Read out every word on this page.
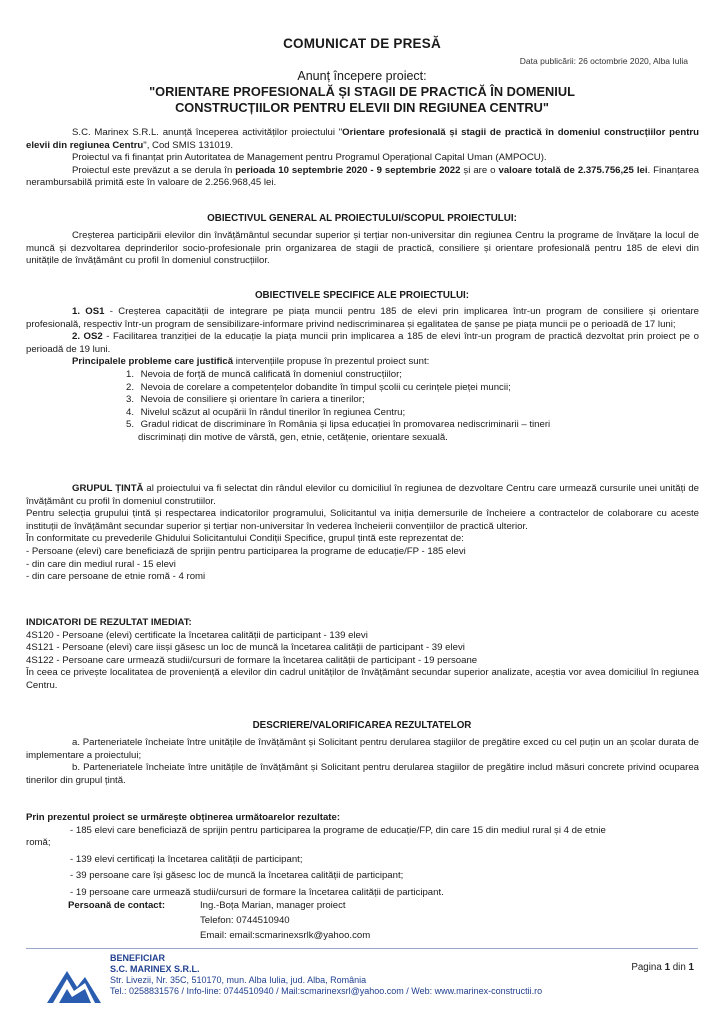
COMUNICAT DE PRESĂ
Data publicării: 26 octombrie 2020, Alba Iulia
Anunț începere proiect:
"ORIENTARE PROFESIONALĂ ȘI STAGII DE PRACTICĂ ÎN DOMENIUL
CONSTRUCȚIILOR PENTRU ELEVII DIN REGIUNEA CENTRU"

S.C. Marinex S.R.L. anunță începerea activităților proiectului "Orientare profesională și stagii de practică în domeniul construcțiilor pentru elevii din regiunea Centru", Cod SMIS 131019.

Proiectul va fi finanțat prin Autoritatea de Management pentru Programul Operațional Capital Uman (AMPOCU).

Proiectul este prevăzut a se derula în perioada 10 septembrie 2020 - 9 septembrie 2022 și are o valoare totală de 2.375.756,25 lei. Finanțarea nerambursabilă primită este în valoare de 2.256.968,45 lei.

OBIECTIVUL GENERAL AL PROIECTULUI/SCOPUL PROIECTULUI:

Creșterea participării elevilor din învățământul secundar superior și terțiar non-universitar din regiunea Centru la programe de învățare la locul de muncă și dezvoltarea deprinderilor socio-profesionale prin organizarea de stagii de practică, consiliere și orientare profesională pentru 185 de elevi din unitățile de învățământ cu profil în domeniul construcțiilor.

OBIECTIVELE SPECIFICE ALE PROIECTULUI:

1. OS1 - Creșterea capacității de integrare pe piața muncii pentru 185 de elevi prin implicarea într-un program de consiliere și orientare profesională, respectiv într-un program de sensibilizare-informare privind nediscriminarea și egalitatea de șanse pe piața muncii pe o perioadă de 17 luni;

2. OS2 - Facilitarea tranziției de la educație la piața muncii prin implicarea a 185 de elevi într-un program de practică dezvoltat prin proiect pe o perioadă de 19 luni.

Principalele probleme care justifică intervențiile propuse în prezentul proiect sunt:

1. Nevoia de forță de muncă calificată în domeniul construcțiilor;
2. Nevoia de corelare a competențelor dobandite în timpul școlii cu cerințele pieței muncii;
3. Nevoia de consiliere și orientare în cariera a tinerilor;
4. Nivelul scăzut al ocupării în rândul tinerilor în regiunea Centru;
5. Gradul ridicat de discriminare în România și lipsa educației în promovarea nediscriminarii – tineri
discriminați din motive de vârstă, gen, etnie, cetățenie, orientare sexuală.

GRUPUL ȚINTĂ al proiectului va fi selectat din rândul elevilor cu domiciliul în regiunea de dezvoltare Centru care urmează cursurile unei unități de învățământ cu profil în domeniul construtiilor.

Pentru selecția grupului țintă și respectarea indicatorilor programului, Solicitantul va iniția demersurile de încheiere a contractelor de colaborare cu aceste instituții de învățământ secundar superior și terțiar non-universitar în vederea încheierii convențiilor de practică ulterior.

În conformitate cu prevederile Ghidului Solicitantului Condiții Specifice, grupul țintă este reprezentat de:

- Persoane (elevi) care beneficiază de sprijin pentru participarea la programe de educație/FP - 185 elevi

- din care din mediul rural - 15 elevi

- din care persoane de etnie romă - 4 romi

INDICATORI DE REZULTAT IMEDIAT:

4S120 - Persoane (elevi) certificate la încetarea calității de participant - 139 elevi

4S121 - Persoane (elevi) care iisși găsesc un loc de muncă la încetarea calității de participant - 39 elevi

4S122 - Persoane care urmează studii/cursuri de formare la încetarea calității de participant - 19 persoane

În ceea ce privește localitatea de proveniență a elevilor din cadrul unităților de învățământ secundar superior analizate, aceștia vor avea domiciliul în regiunea Centru.

DESCRIERE/VALORIFICAREA REZULTATELOR

a. Parteneriatele încheiate între unitățile de învățământ și Solicitant pentru derularea stagiilor de pregătire exced cu cel puțin un an școlar durata de implementare a proiectului;

b. Parteneriatele încheiate între unitățile de învățământ și Solicitant pentru derularea stagiilor de pregătire includ măsuri concrete privind ocuparea tinerilor din grupul țintă.

Prin prezentul proiect se urmărește obținerea următoarelor rezultate:

- 185 elevi care beneficiază de sprijin pentru participarea la programe de educație/FP, din care 15 din mediul rural și 4 de etnie

romă;

- 139 elevi certificați la încetarea calității de participant;

- 39 persoane care își găsesc loc de muncă la încetarea calității de participant;

- 19 persoane care urmează studii/cursuri de formare la încetarea calității de participant.

Persoană de contact:	Ing.-Boța Marian, manager proiect
Telefon: 0744510940
Email: email:scmarinexsrlk@yahoo.com
BENEFICIAR
S.C. MARINEX S.R.L.
Str. Livezii, Nr. 35C, 510170, mun. Alba Iulia, jud. Alba, România
Tel.: 0258831576 / Info-line: 0744510940 / Mail:scmarinexsrl@yahoo.com / Web: www.marinex-constructii.ro
Pagina 1 din 1
